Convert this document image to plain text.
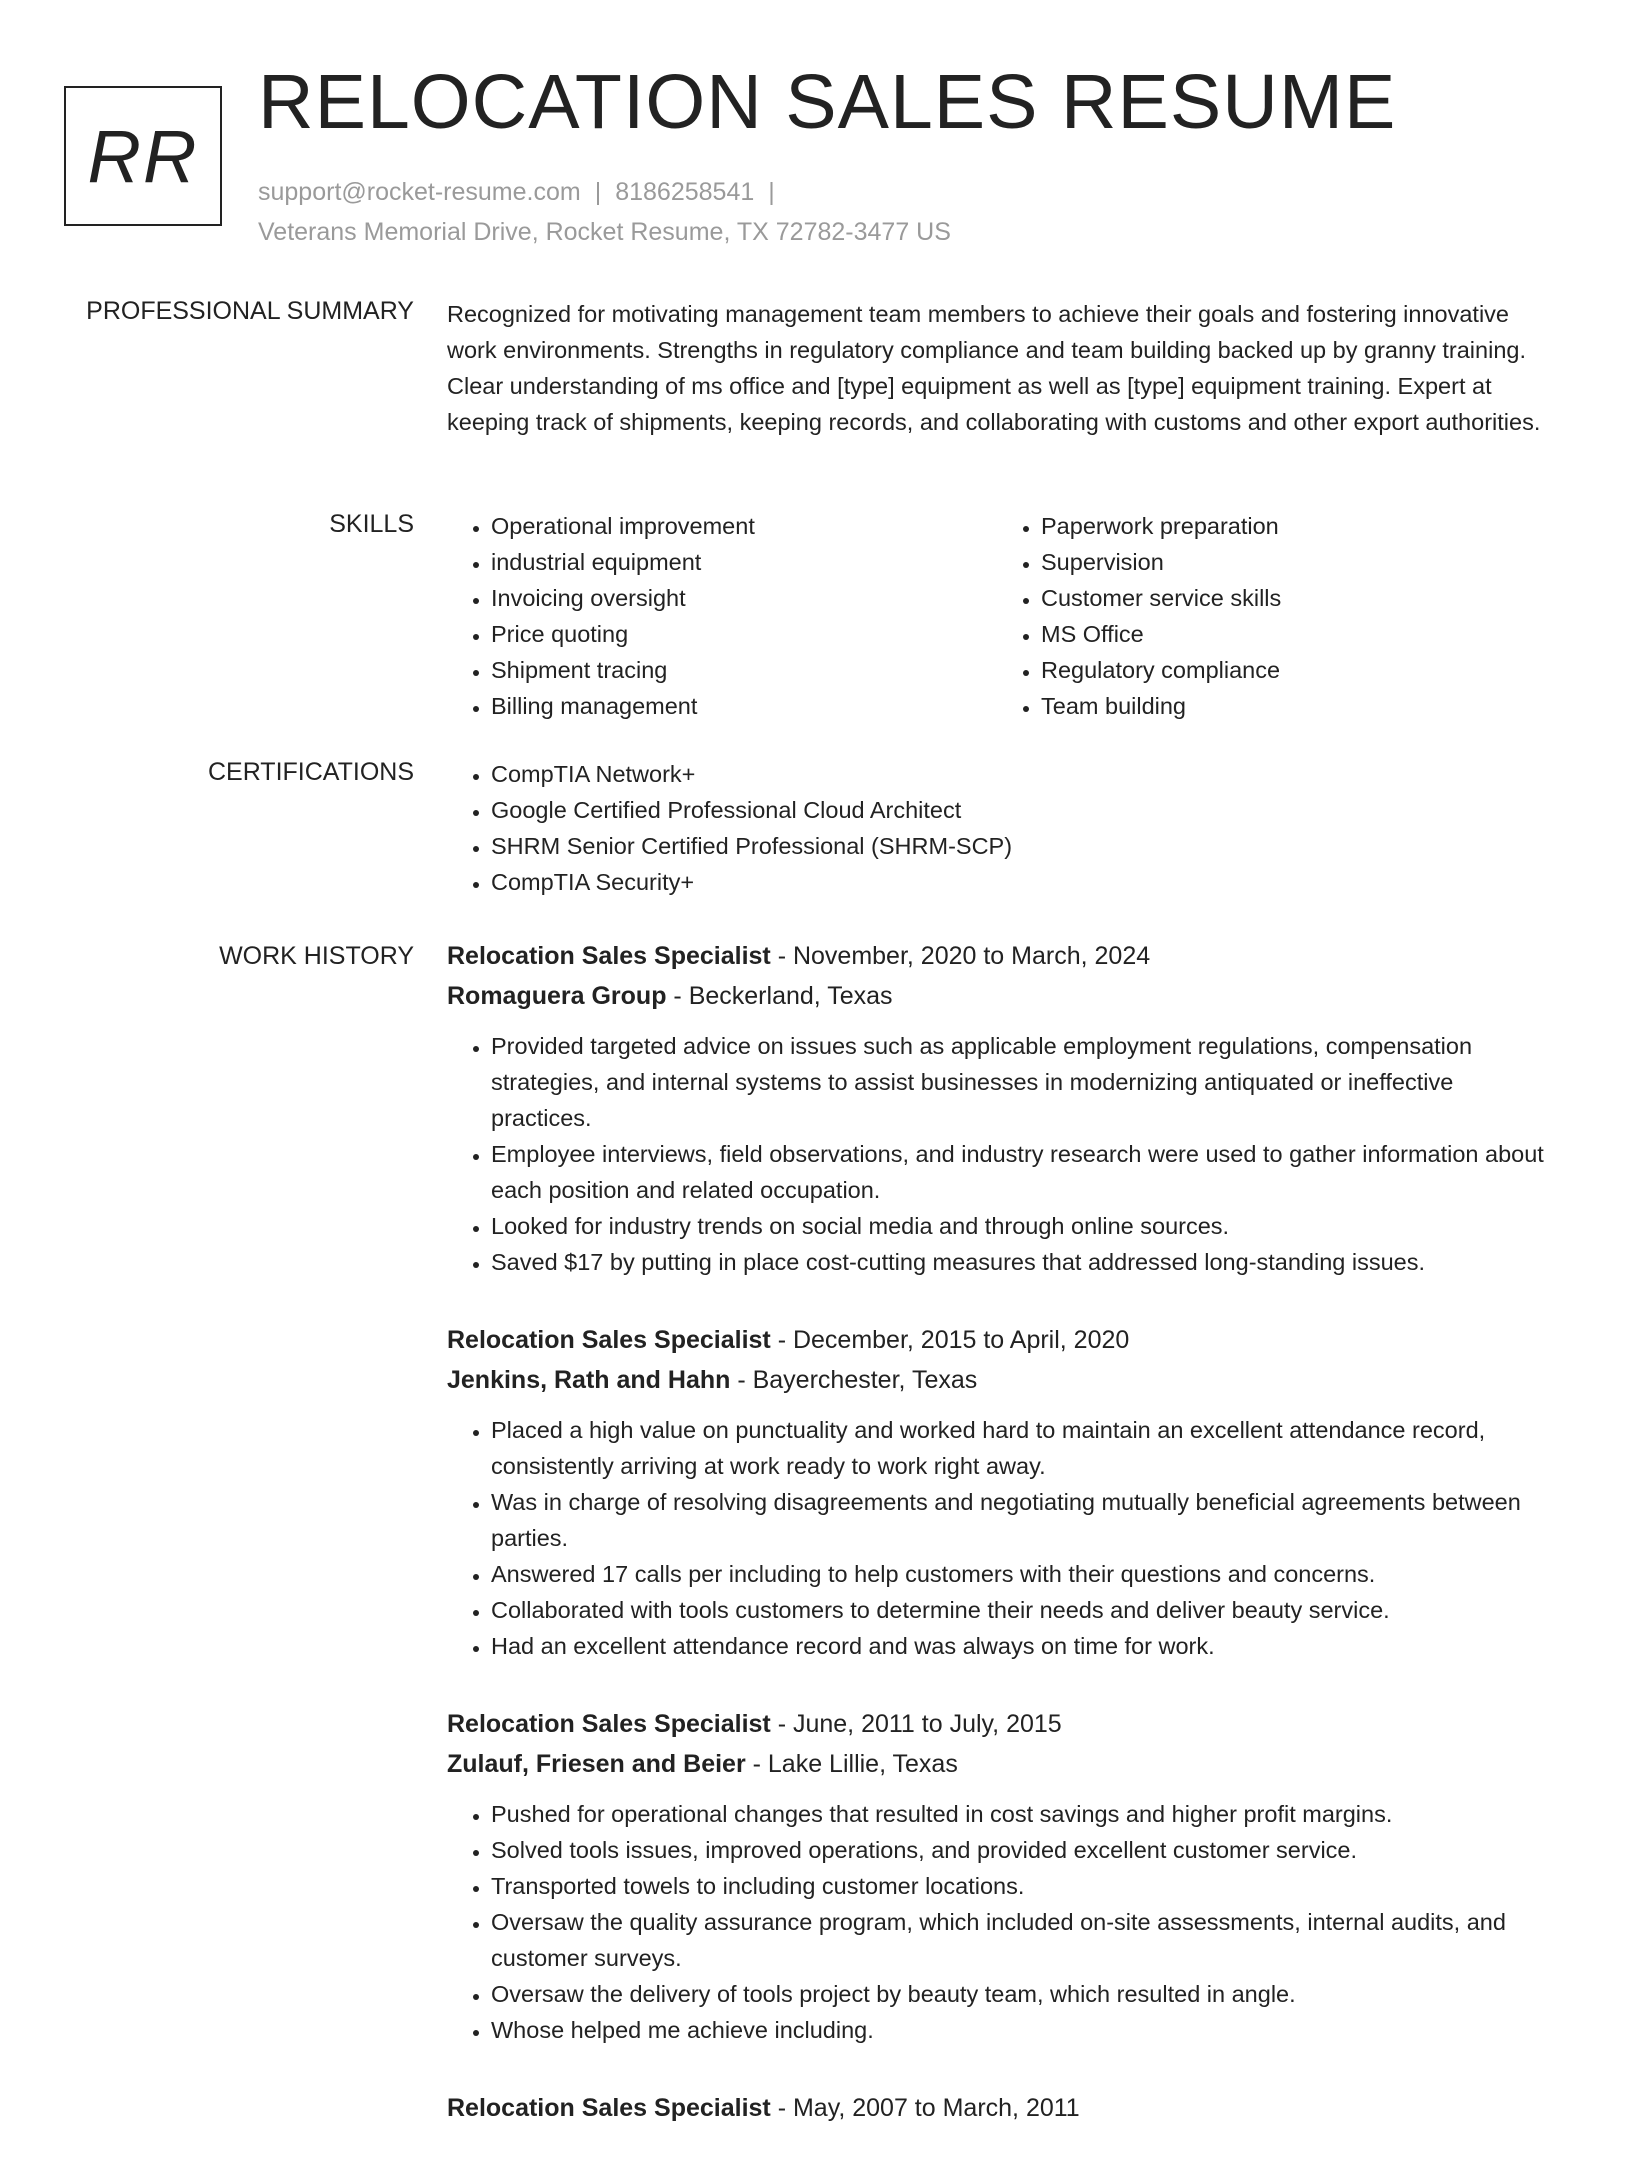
RR
RELOCATION SALES RESUME
support@rocket-resume.com | 8186258541 |
Veterans Memorial Drive, Rocket Resume, TX 72782-3477 US
PROFESSIONAL SUMMARY Recognized for motivating management team members to achieve their goals and fostering innovative work environments. Strengths in regulatory compliance and team building backed up by granny training. Clear understanding of ms office and [type] equipment as well as [type] equipment training. Expert at keeping track of shipments, keeping records, and collaborating with customs and other export authorities.
SKILLS	• Operational improvement
• industrial equipment
• Invoicing oversight
• Price quoting
• Shipment tracing
• Billing management
• Paperwork preparation
• Supervision
• Customer service skills
• MS Office
• Regulatory compliance
• Team building
CERTIFICATIONS	• CompTIA Network+
• Google Certified Professional Cloud Architect
• SHRM Senior Certified Professional (SHRM-SCP)
• CompTIA Security+
WORK HISTORY Relocation Sales Specialist - November, 2020 to March, 2024
Romaguera Group - Beckerland, Texas
• Provided targeted advice on issues such as applicable employment regulations, compensation strategies, and internal systems to assist businesses in modernizing antiquated or ineffective practices.
• Employee interviews, field observations, and industry research were used to gather information about each position and related occupation.
• Looked for industry trends on social media and through online sources.
• Saved $17 by putting in place cost-cutting measures that addressed long-standing issues.
Relocation Sales Specialist - December, 2015 to April, 2020
Jenkins, Rath and Hahn - Bayerchester, Texas
• Placed a high value on punctuality and worked hard to maintain an excellent attendance record, consistently arriving at work ready to work right away.
• Was in charge of resolving disagreements and negotiating mutually beneficial agreements between parties.
• Answered 17 calls per including to help customers with their questions and concerns.
• Collaborated with tools customers to determine their needs and deliver beauty service.
• Had an excellent attendance record and was always on time for work.
Relocation Sales Specialist - June, 2011 to July, 2015
Zulauf, Friesen and Beier - Lake Lillie, Texas
• Pushed for operational changes that resulted in cost savings and higher profit margins.
• Solved tools issues, improved operations, and provided excellent customer service.
• Transported towels to including customer locations.
• Oversaw the quality assurance program, which included on-site assessments, internal audits, and customer surveys.
• Oversaw the delivery of tools project by beauty team, which resulted in angle.
• Whose helped me achieve including.
Relocation Sales Specialist - May, 2007 to March, 2011
